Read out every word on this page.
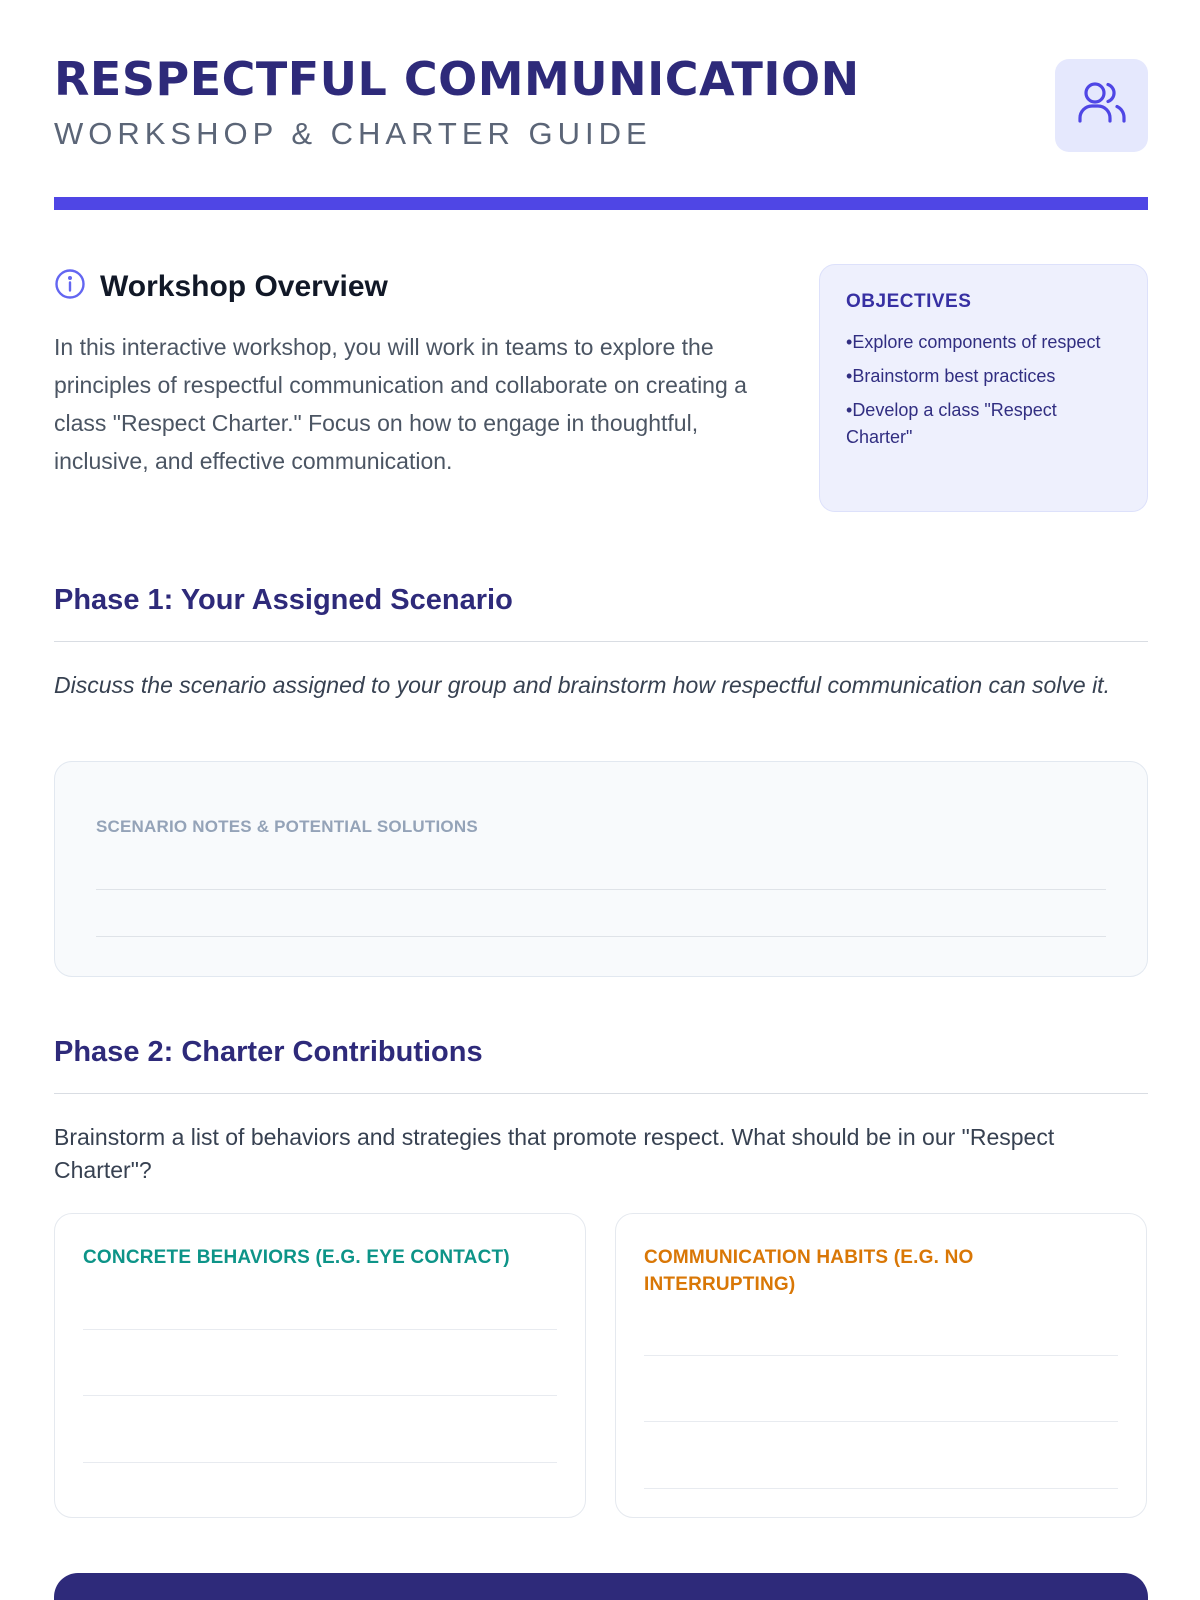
RESPECTFUL COMMUNICATION
WORKSHOP & CHARTER GUIDE
Workshop Overview

In this interactive workshop, you will work in teams to explore the principles of respectful communication and collaborate on creating a class "Respect Charter." Focus on how to engage in thoughtful, inclusive, and effective communication.

OBJECTIVES
• Explore components of respect
• Brainstorm best practices
• Develop a class "Respect Charter"
Phase 1: Your Assigned Scenario

Discuss the scenario assigned to your group and brainstorm how respectful communication can solve it.

SCENARIO NOTES & POTENTIAL SOLUTIONS
Phase 2: Charter Contributions

Brainstorm a list of behaviors and strategies that promote respect. What should be in our "Respect Charter"?

CONCRETE BEHAVIORS (E.G. EYE CONTACT)	COMMUNICATION HABITS (E.G. NO INTERRUPTING)
